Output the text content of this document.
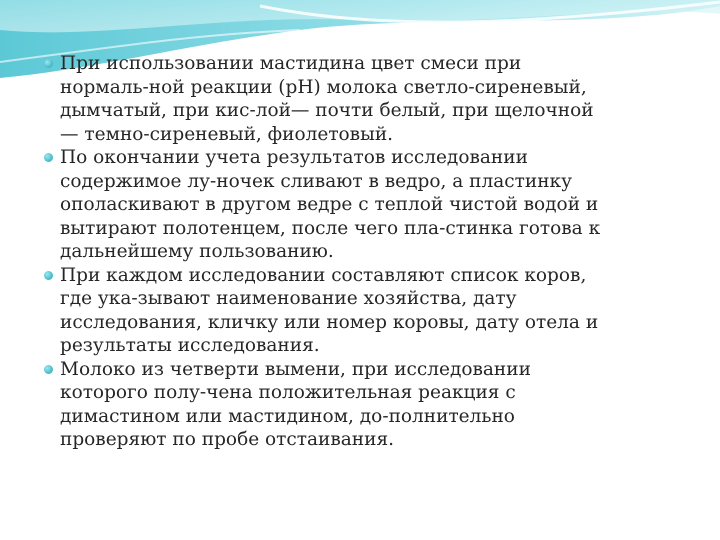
При использовании мастидина цвет смеси при
нормаль-ной реакции (рН) молока светло-сиреневый,
дымчатый, при кис-лой— почти белый, при щелочной
— темно-сиреневый, фиолетовый.
По окончании учета результатов исследовании
содержимое лу-ночек сливают в ведро, а пластинку
ополаскивают в другом ведре с теплой чистой водой и
вытирают полотенцем, после чего пла-стинка готова к
дальнейшему пользованию.
При каждом исследовании составляют список коров,
где ука-зывают наименование хозяйства, дату
исследования, кличку или номер коровы, дату отела и
результаты исследования.
Молоко из четверти вымени, при исследовании
которого полу-чена положительная реакция с
димастином или мастидином, до-полнительно
проверяют по пробе отстаивания.
